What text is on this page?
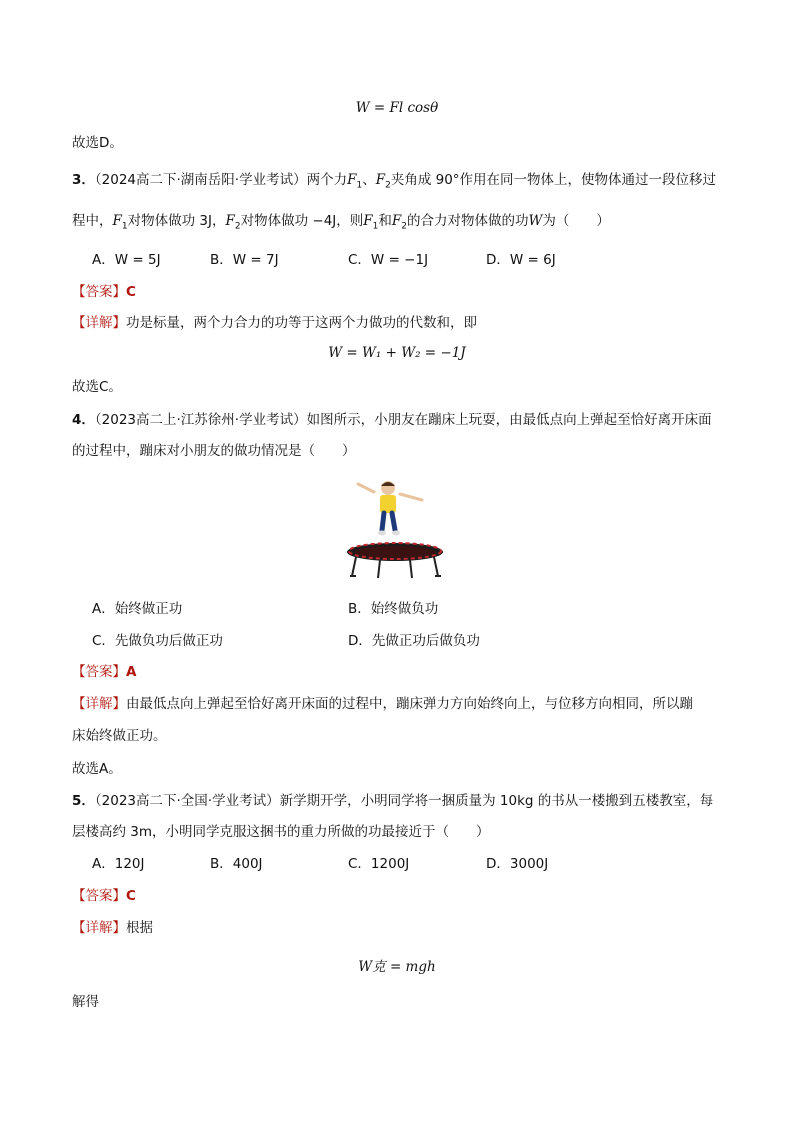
W = Fl cosθ
故选D。
3．（2024高二下·湖南岳阳·学业考试）两个力$F_1$、$F_2$夹角成 90°作用在同一物体上，使物体通过一段位移过
程中，$F_1$对物体做功 3J，$F_2$对物体做功 −4J，则$F_1$和$F_2$的合力对物体做的功W为（　　）
A．W = 5J	B．W = 7J	C．W = −1J	D．W = 6J
【答案】C
【详解】功是标量，两个力合力的功等于这两个力做功的代数和，即
W = W₁ + W₂ = −1J
故选C。
4．（2023高二上·江苏徐州·学业考试）如图所示，小朋友在蹦床上玩耍，由最低点向上弹起至恰好离开床面
的过程中，蹦床对小朋友的做功情况是（　　）
A．始终做正功	B．始终做负功
C．先做负功后做正功	D．先做正功后做负功
【答案】A
【详解】由最低点向上弹起至恰好离开床面的过程中，蹦床弹力方向始终向上，与位移方向相同，所以蹦
床始终做正功。
故选A。
5．（2023高二下·全国·学业考试）新学期开学，小明同学将一捆质量为 10kg 的书从一楼搬到五楼教室，每
层楼高约 3m，小明同学克服这捆书的重力所做的功最接近于（　　）
A．120J	B．400J	C．1200J	D．3000J
【答案】C
【详解】根据
W克 = mgh
解得
